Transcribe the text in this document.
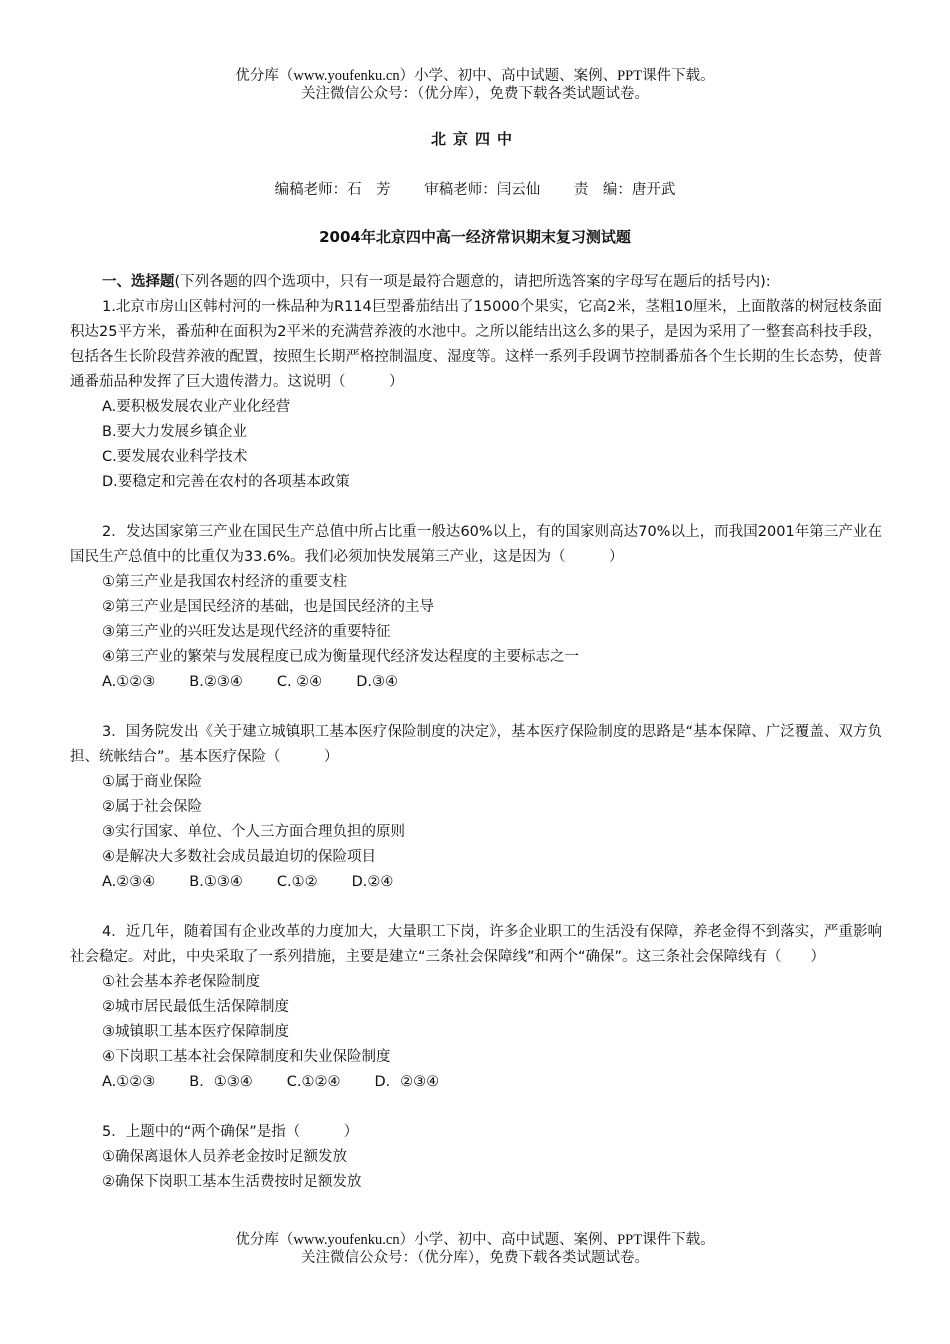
优分库（www.youfenku.cn）小学、初中、高中试题、案例、PPT课件下载。
关注微信公众号：（优分库），免费下载各类试题试卷。
北京四中
编稿老师：石　芳　　 审稿老师：闫云仙　　 责　编：唐开武
2004年北京四中高一经济常识期末复习测试题

一、选择题(下列各题的四个选项中，只有一项是最符合题意的，请把所选答案的字母写在题后的括号内):

1.北京市房山区韩村河的一株品种为R114巨型番茄结出了15000个果实，它高2米，茎粗10厘米，上面散落的树冠枝条面积达25平方米，番茄种在面积为2平米的充满营养液的水池中。之所以能结出这么多的果子，是因为采用了一整套高科技手段，包括各生长阶段营养液的配置，按照生长期严格控制温度、湿度等。这样一系列手段调节控制番茄各个生长期的生长态势，使普通番茄品种发挥了巨大遗传潜力。这说明（　　　）

A.要积极发展农业产业化经营

B.要大力发展乡镇企业

C.要发展农业科学技术

D.要稳定和完善在农村的各项基本政策

2．发达国家第三产业在国民生产总值中所占比重一般达60%以上，有的国家则高达70%以上，而我国2001年第三产业在国民生产总值中的比重仅为33.6%。我们必须加快发展第三产业，这是因为（　　　）

①第三产业是我国农村经济的重要支柱

②第三产业是国民经济的基础，也是国民经济的主导

③第三产业的兴旺发达是现代经济的重要特征

④第三产业的繁荣与发展程度已成为衡量现代经济发达程度的主要标志之一

A.①②③ B.②③④ C. ②④ D.③④

3．国务院发出《关于建立城镇职工基本医疗保险制度的决定》，基本医疗保险制度的思路是“基本保障、广泛覆盖、双方负担、统帐结合”。基本医疗保险（　　　）

①属于商业保险

②属于社会保险

③实行国家、单位、个人三方面合理负担的原则

④是解决大多数社会成员最迫切的保险项目

A.②③④ B.①③④ C.①② D.②④

4．近几年，随着国有企业改革的力度加大，大量职工下岗，许多企业职工的生活没有保障，养老金得不到落实，严重影响社会稳定。对此，中央采取了一系列措施，主要是建立“三条社会保障线”和两个“确保”。这三条社会保障线有（　　）

①社会基本养老保险制度

②城市居民最低生活保障制度

③城镇职工基本医疗保障制度

④下岗职工基本社会保障制度和失业保险制度

A.①②③ B．①③④ C.①②④ D．②③④

5．上题中的“两个确保”是指（　　　）

①确保离退休人员养老金按时足额发放

②确保下岗职工基本生活费按时足额发放

优分库（www.youfenku.cn）小学、初中、高中试题、案例、PPT课件下载。
关注微信公众号：（优分库），免费下载各类试题试卷。
